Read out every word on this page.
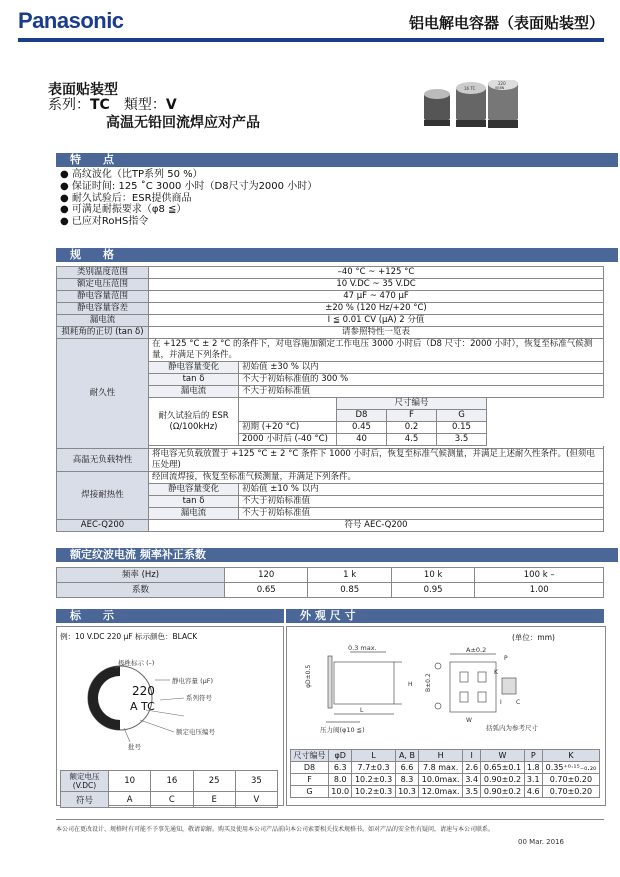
Panasonic	铝电解电容器（表面贴装型）
表面贴装型
系列：TC 類型：V
高温无铅回流焊应对产品
16 TC
220
0E8N
特　　点
● 高纹波化（比TP系列 50 %）
● 保证时间: 125 ˚C 3000 小时（D8尺寸为2000 小时）
● 耐久试验后：ESR提供商品
● 可满足耐振要求（φ8 ≦）
● 已应对RoHS指令
规　　格
类别温度范围	–40 °C ~ +125 °C					
额定电压范围	10 V.DC ~ 35 V.DC					
静电容量范围	47 µF ~ 470 µF					
静电容量容差	±20 % (120 Hz/+20 °C)					
漏电流	I ≦ 0.01 CV (µA) 2 分值					
损耗角的正切 (tan δ)	请参照特性一览表					
耐久性	在 +125 °C ± 2 °C 的条件下，对电容施加额定工作电压 3000 小时后（D8 尺寸：2000 小时），恢复至标准气候测量，并满足下列条件。					
	静电容量变化	初始值 ±30 % 以内				
	tan δ	不大于初始标准值的 300 %				
	漏电流	不大于初始标准值				
	耐久试验后的 ESR (Ω/100kHz)		尺寸编号			
			D8	F	G	
		初期 (+20 °C)	0.45	0.2	0.15	
		2000 小时后 (-40 °C)	40	4.5	3.5	

高温无负载特性	将电容无负载放置于 +125 °C ± 2 °C 条件下 1000 小时后，恢复至标准气候测量，并满足上述耐久性条件。(但须电压处理)					
焊接耐热性	经回流焊接，恢复至标准气候测量，并满足下列条件。					
	静电容量变化	初始值 ±10 % 以内				
	tan δ	不大于初始标准值				
	漏电流	不大于初始标准值				
AEC-Q200	符号 AEC-Q200					
额定纹波电流 频率补正系数
频率 (Hz)	120	1 k	10 k	100 k –
系数	0.65	0.85	0.95	1.00
标　　示
例：10 V.DC 220 µF 标示颜色：BLACK
220
A TC
极性标示 (–)
静电容量 (µF)
系列符号
额定电压编号
批号
额定电压 (V.DC)	10	16	25	35
符号	A	C	E	V
外 观 尺 寸
(单位：mm)
0.3 max.	A±0.2
压力阀(φ10 ≦)	括弧内为参考尺寸
φD±0.5
L
B±0.2
H
W
P
K
I C
尺寸编号	φD	L	A, B	H	I	W	P	K
D8	6.3	7.7±0.3	6.6	7.8 max.	2.6	0.65±0.1	1.8	0.35⁺⁰·¹⁵₋₀.₂₀
F	8.0	10.2±0.3	8.3	10.0max.	3.4	0.90±0.2	3.1	0.70±0.20
G	10.0	10.2±0.3	10.3	12.0max.	3.5	0.90±0.2	4.6	0.70±0.20
本公司在更改设计、规格时有可能不予事先通知，敬请谅解。购买及使用本公司产品前向本公司索要相关技术规格书。如对产品的安全性有疑问，请速与本公司联系。
00 Mar. 2016
